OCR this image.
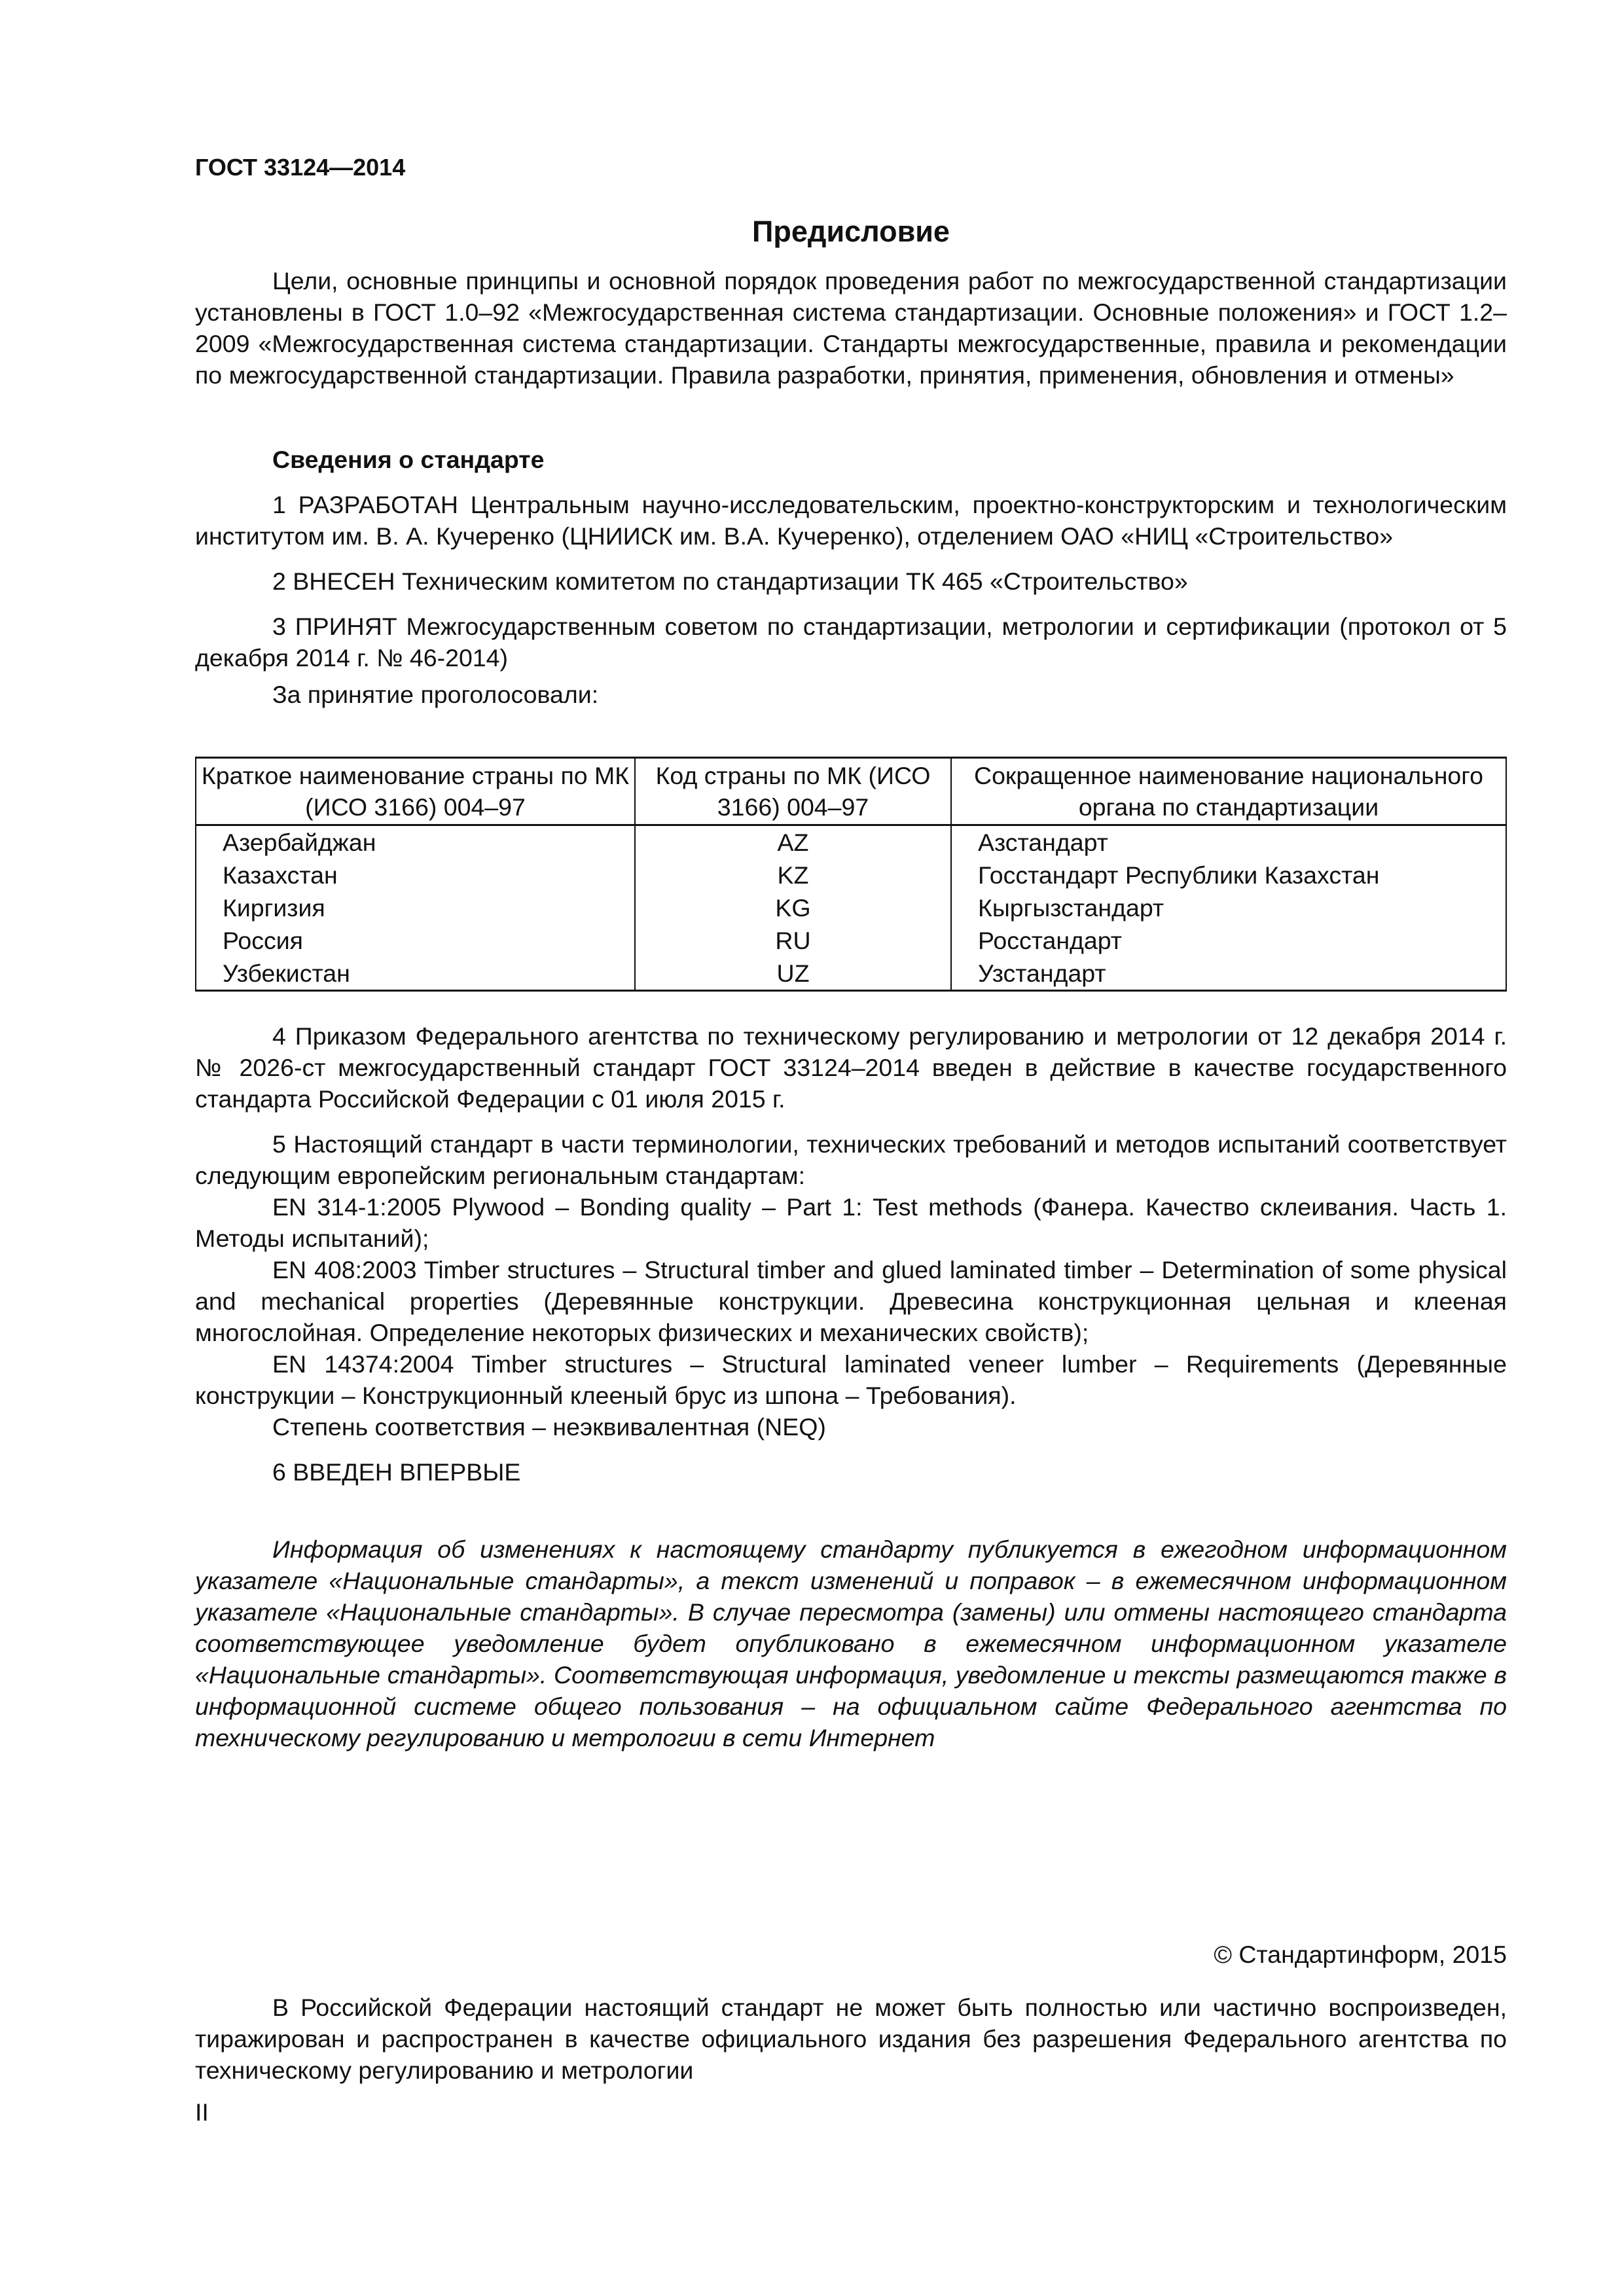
ГОСТ 33124—2014
Предисловие

Цели, основные принципы и основной порядок проведения работ по межгосударственной стандартизации установлены в ГОСТ 1.0–92 «Межгосударственная система стандартизации. Основные положения» и ГОСТ 1.2–2009 «Межгосударственная система стандартизации. Стандарты межгосударственные, правила и рекомендации по межгосударственной стандартизации. Правила разработки, принятия, применения, обновления и отмены»

Сведения о стандарте

1 РАЗРАБОТАН Центральным научно-исследовательским, проектно-конструкторским и технологическим институтом им. В. А. Кучеренко (ЦНИИСК им. В.А. Кучеренко), отделением ОАО «НИЦ «Строительство»

2 ВНЕСЕН Техническим комитетом по стандартизации ТК 465 «Строительство»

3 ПРИНЯТ Межгосударственным советом по стандартизации, метрологии и сертификации (протокол от 5 декабря 2014 г. № 46-2014)

За принятие проголосовали:

Краткое наименование страны по МК (ИСО 3166) 004–97	Код страны по МК (ИСО 3166) 004–97	Сокращенное наименование национального органа по стандартизации
Азербайджан	AZ	Азстандарт
Казахстан	KZ	Госстандарт Республики Казахстан
Киргизия	KG	Кыргызстандарт
Россия	RU	Росстандарт
Узбекистан	UZ	Узстандарт

4 Приказом Федерального агентства по техническому регулированию и метрологии от 12 декабря 2014 г. № 2026-ст межгосударственный стандарт ГОСТ 33124–2014 введен в действие в качестве государственного стандарта Российской Федерации с 01 июля 2015 г.

5 Настоящий стандарт в части терминологии, технических требований и методов испытаний соответствует следующим европейским региональным стандартам:

EN 314-1:2005 Plywood – Bonding quality – Part 1: Test methods (Фанера. Качество склеивания. Часть 1. Методы испытаний);

EN 408:2003 Timber structures – Structural timber and glued laminated timber – Determination of some physical and mechanical properties (Деревянные конструкции. Древесина конструкционная цельная и клееная многослойная. Определение некоторых физических и механических свойств);

EN 14374:2004 Timber structures – Structural laminated veneer lumber – Requirements (Деревянные конструкции – Конструкционный клееный брус из шпона – Требования).

Степень соответствия – неэквивалентная (NEQ)

6 ВВЕДЕН ВПЕРВЫЕ

Информация об изменениях к настоящему стандарту публикуется в ежегодном информационном указателе «Национальные стандарты», а текст изменений и поправок – в ежемесячном информационном указателе «Национальные стандарты». В случае пересмотра (замены) или отмены настоящего стандарта соответствующее уведомление будет опубликовано в ежемесячном информационном указателе «Национальные стандарты». Соответствующая информация, уведомление и тексты размещаются также в информационной системе общего пользования – на официальном сайте Федерального агентства по техническому регулированию и метрологии в сети Интернет

© Стандартинформ, 2015

В Российской Федерации настоящий стандарт не может быть полностью или частично воспроизведен, тиражирован и распространен в качестве официального издания без разрешения Федерального агентства по техническому регулированию и метрологии

II
